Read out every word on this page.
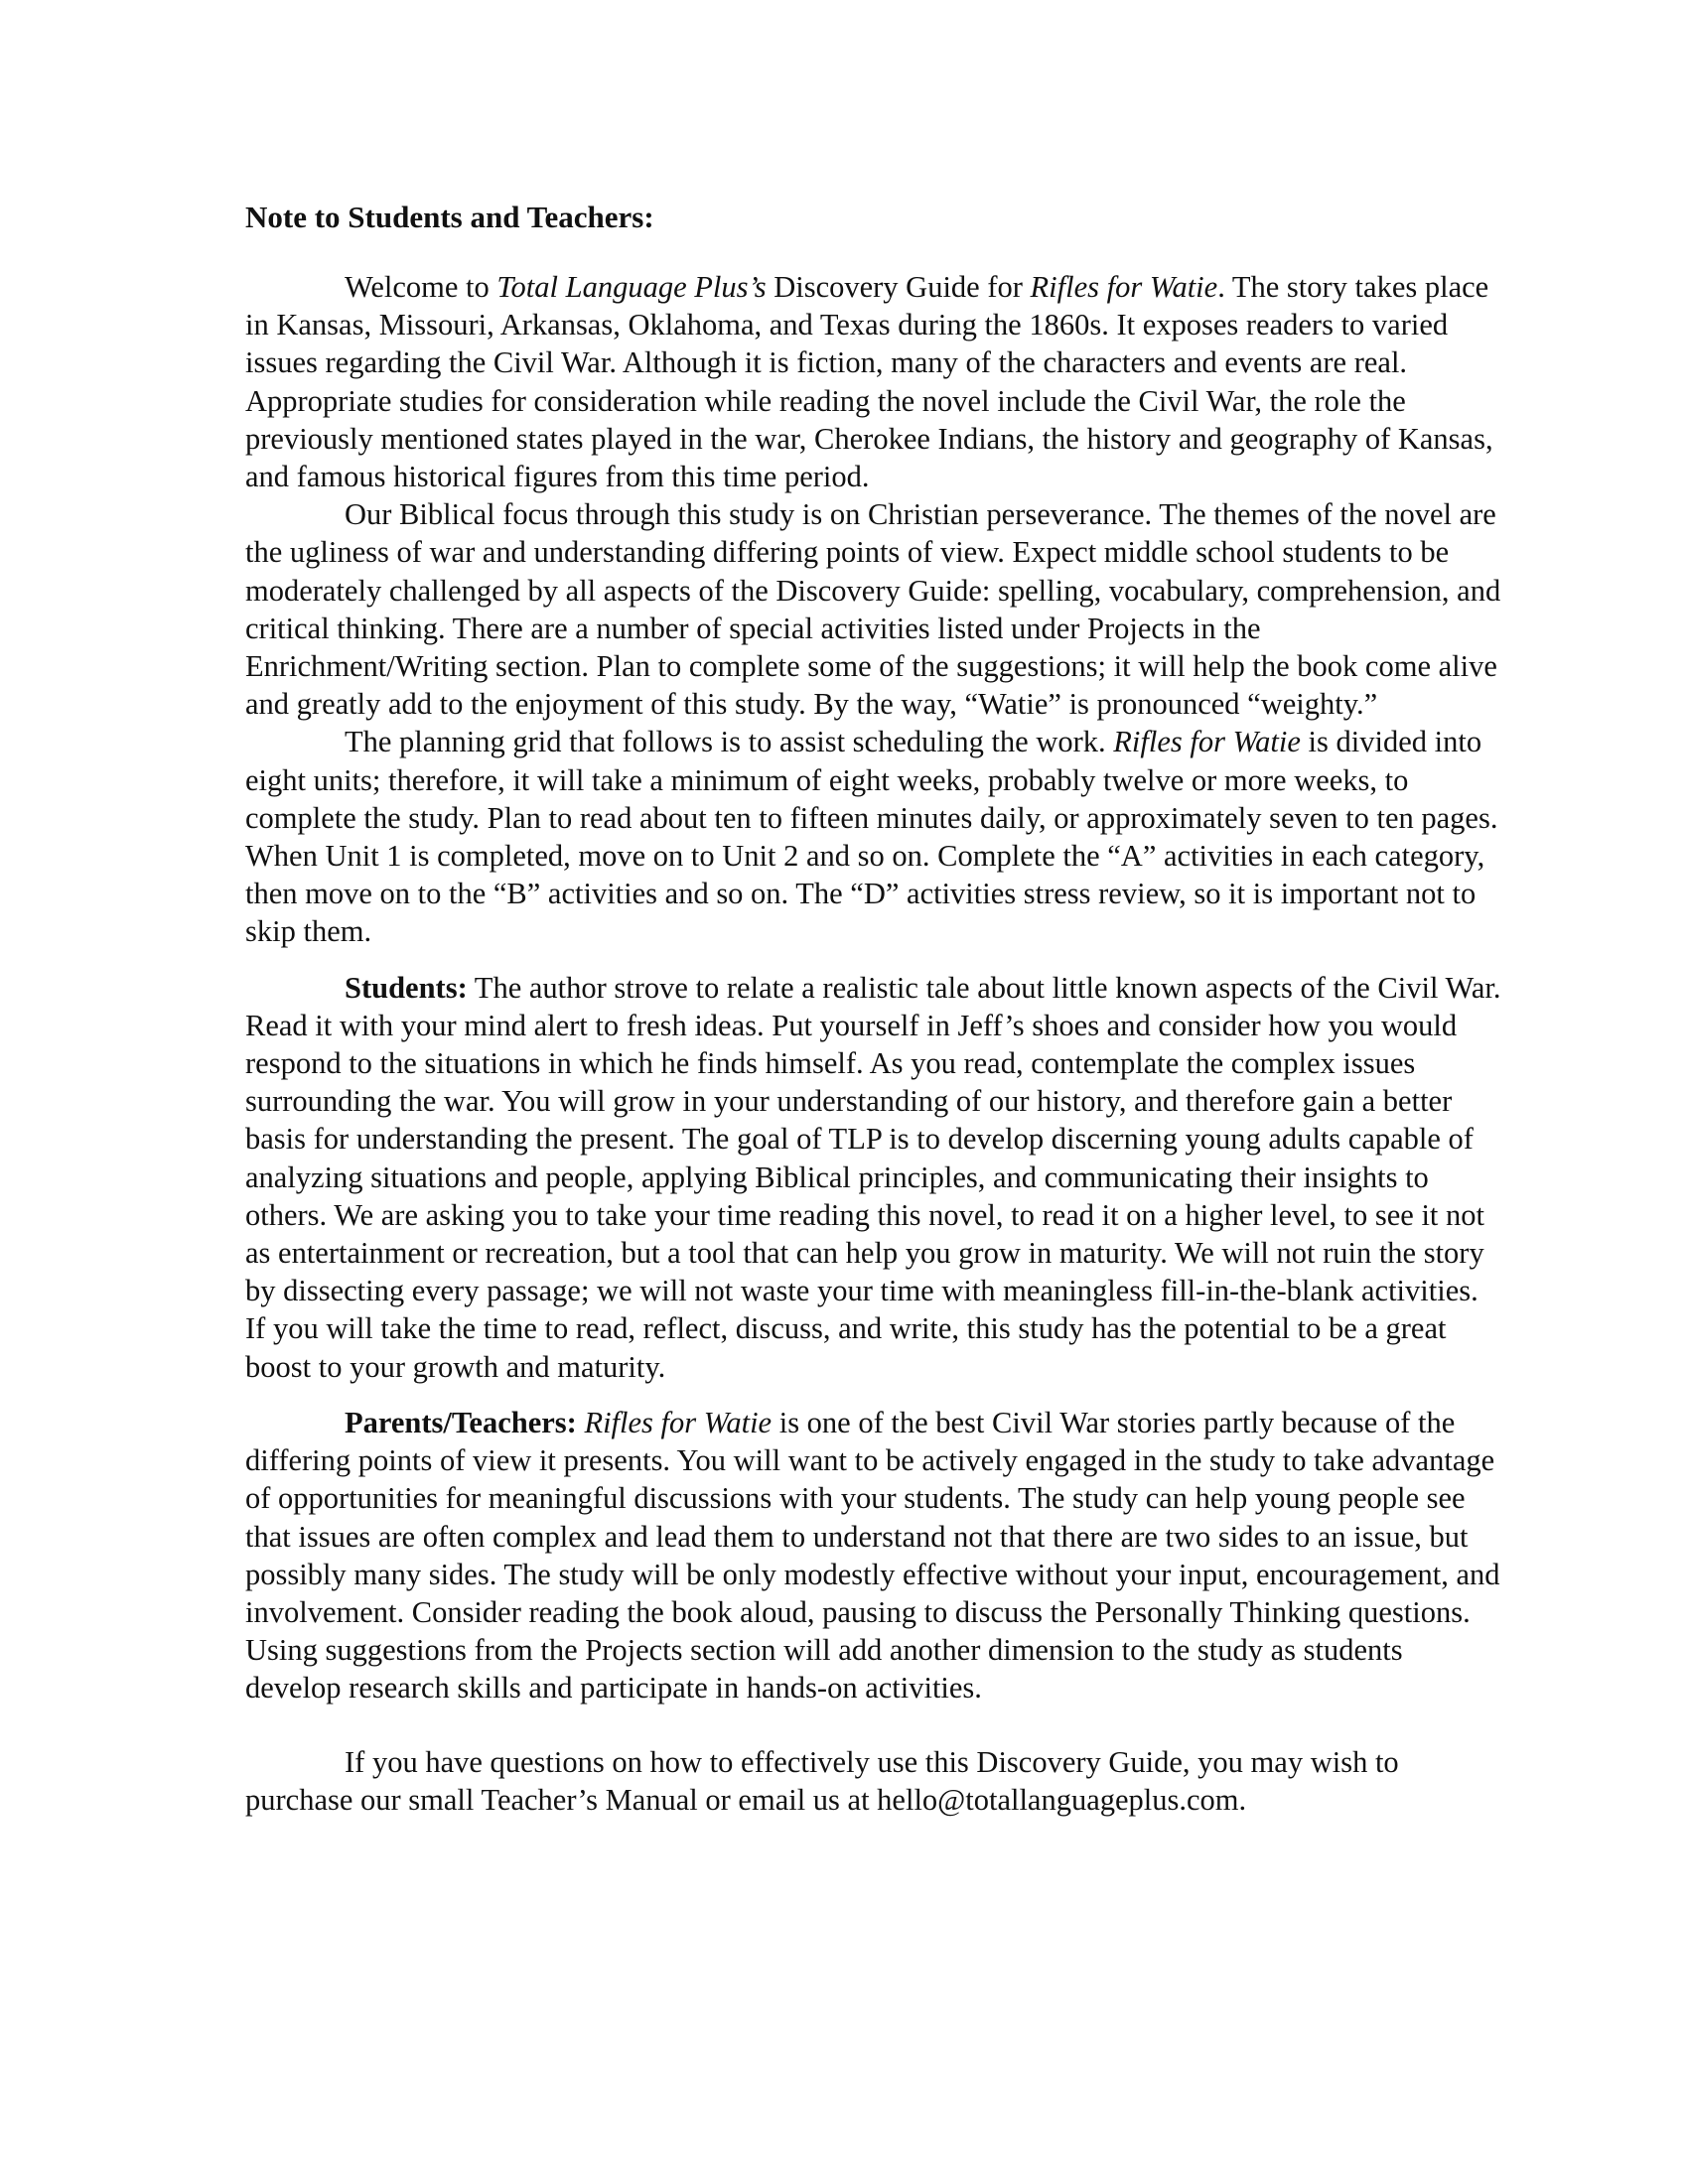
Note to Students and Teachers:

Welcome to Total Language Plus’s Discovery Guide for Rifles for Watie. The story takes place in Kansas, Missouri, Arkansas, Oklahoma, and Texas during the 1860s. It exposes readers to varied issues regarding the Civil War. Although it is fiction, many of the characters and events are real. Appropriate studies for consideration while reading the novel include the Civil War, the role the previously mentioned states played in the war, Cherokee Indians, the history and geography of Kansas, and famous historical figures from this time period.

Our Biblical focus through this study is on Christian perseverance. The themes of the novel are the ugliness of war and understanding differing points of view. Expect middle school students to be moderately challenged by all aspects of the Discovery Guide: spelling, vocabulary, comprehension, and critical thinking. There are a number of special activities listed under Projects in the Enrichment/Writing section. Plan to complete some of the suggestions; it will help the book come alive and greatly add to the enjoyment of this study. By the way, “Watie” is pronounced “weighty.”

The planning grid that follows is to assist scheduling the work. Rifles for Watie is divided into eight units; therefore, it will take a minimum of eight weeks, probably twelve or more weeks, to complete the study. Plan to read about ten to fifteen minutes daily, or approximately seven to ten pages. When Unit 1 is completed, move on to Unit 2 and so on. Complete the “A” activities in each category, then move on to the “B” activities and so on. The “D” activities stress review, so it is important not to skip them.

Students: The author strove to relate a realistic tale about little known aspects of the Civil War. Read it with your mind alert to fresh ideas. Put yourself in Jeff’s shoes and consider how you would respond to the situations in which he finds himself. As you read, contemplate the complex issues surrounding the war. You will grow in your understanding of our history, and therefore gain a better basis for understanding the present. The goal of TLP is to develop discerning young adults capable of analyzing situations and people, applying Biblical principles, and communicating their insights to others. We are asking you to take your time reading this novel, to read it on a higher level, to see it not as entertainment or recreation, but a tool that can help you grow in maturity. We will not ruin the story by dissecting every passage; we will not waste your time with meaningless fill-in-the-blank activities. If you will take the time to read, reflect, discuss, and write, this study has the potential to be a great boost to your growth and maturity.

Parents/Teachers: Rifles for Watie is one of the best Civil War stories partly because of the differing points of view it presents. You will want to be actively engaged in the study to take advantage of opportunities for meaningful discussions with your students. The study can help young people see that issues are often complex and lead them to understand not that there are two sides to an issue, but possibly many sides. The study will be only modestly effective without your input, encouragement, and involvement. Consider reading the book aloud, pausing to discuss the Personally Thinking questions. Using suggestions from the Projects section will add another dimension to the study as students develop research skills and participate in hands-on activities.

If you have questions on how to effectively use this Discovery Guide, you may wish to purchase our small Teacher’s Manual or email us at hello@totallanguageplus.com.
